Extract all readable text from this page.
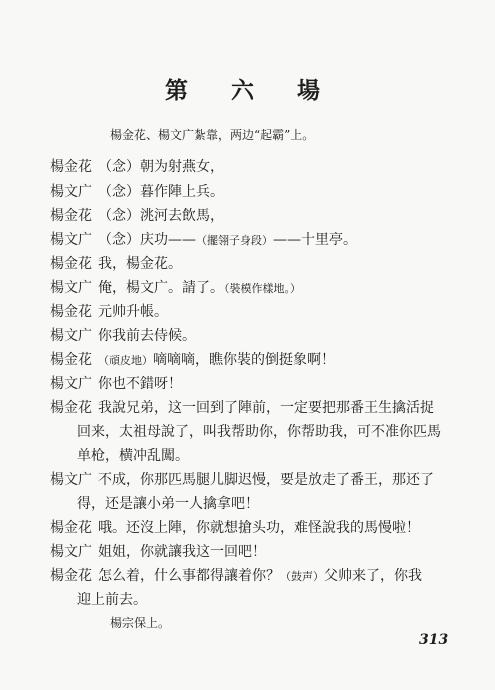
第　六　場
楊金花、楊文广紮靠，两边“起霸”上。
楊金花 （念）朝为射燕女，
楊文广 （念）暮作陣上兵。
楊金花 （念）洮河去飲馬，
楊文广 （念）庆功——（擺翎子身段）——十里亭。
楊金花 我，楊金花。
楊文广 俺，楊文广。請了。（裝模作樣地。）
楊金花 元帅升帳。
楊文广 你我前去侍候。
楊金花 （頑皮地）嘀嘀嘀，瞧你裝的倒挺象啊！
楊文广 你也不錯呀！
楊金花 我說兄弟，这一回到了陣前，一定要把那番王生擒活捉
回来，太祖母說了，叫我帮助你，你帮助我，可不准你匹馬
单枪，横冲乱闖。
楊文广 不成，你那匹馬腿儿脚迟慢，要是放走了番王，那还了
得，还是讓小弟一人擒拿吧！
楊金花 哦。还沒上陣，你就想搶头功，难怪說我的馬慢啦！
楊文广 姐姐，你就讓我这一回吧！
楊金花 怎么着，什么事都得讓着你？（鼓声）父帅来了，你我
迎上前去。
楊宗保上。
313
